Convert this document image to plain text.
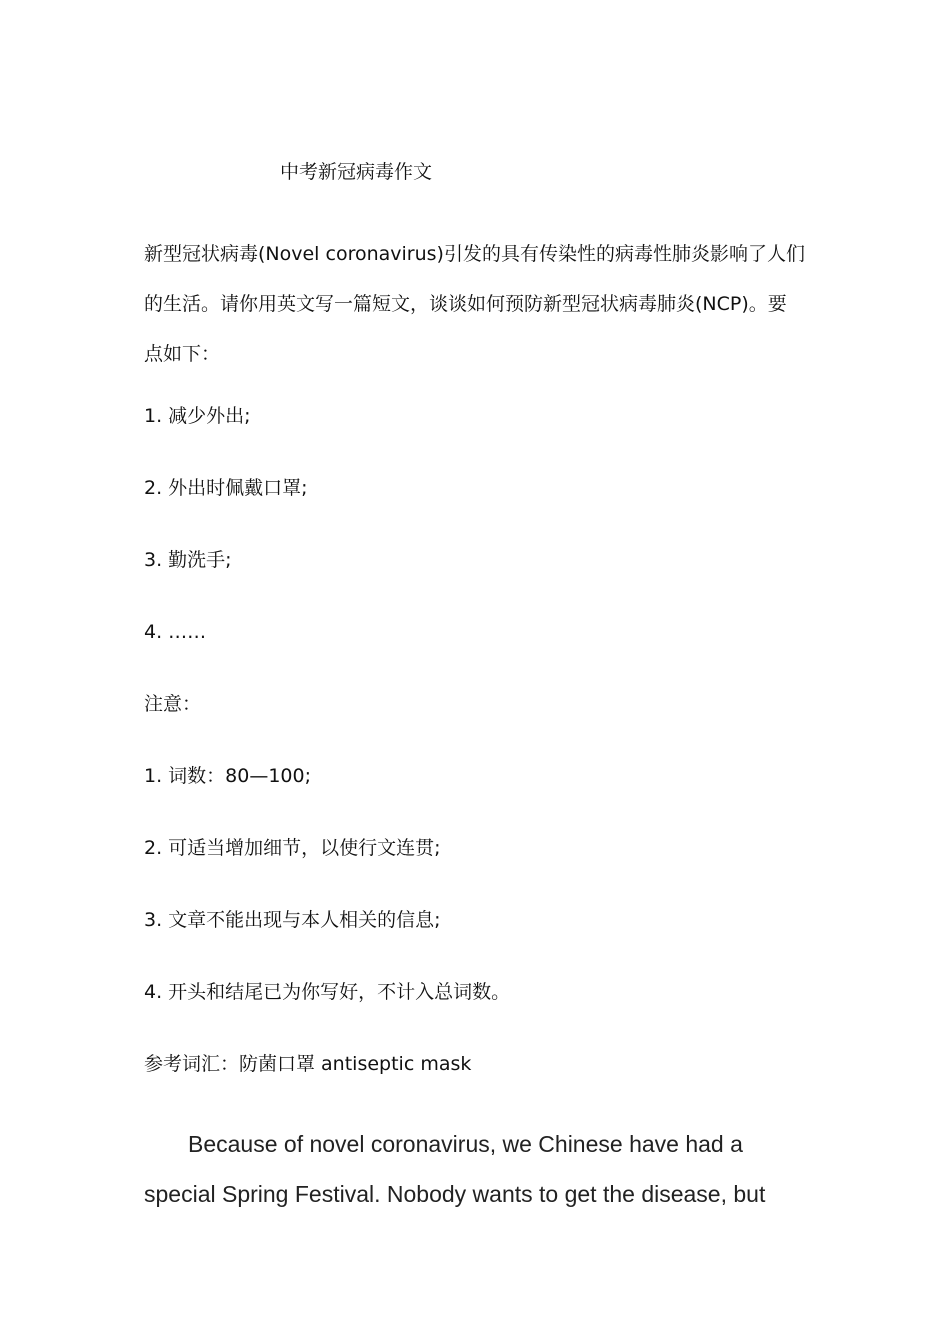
中考新冠病毒作文
新型冠状病毒(Novel coronavirus)引发的具有传染性的病毒性肺炎影响了人们
的生活。请你用英文写一篇短文，谈谈如何预防新型冠状病毒肺炎(NCP)。要
点如下：
1. 减少外出;
2. 外出时佩戴口罩;
3. 勤洗手;
4. ……
注意：
1. 词数：80—100;
2. 可适当增加细节，以使行文连贯;
3. 文章不能出现与本人相关的信息;
4. 开头和结尾已为你写好，不计入总词数。
参考词汇：防菌口罩 antiseptic mask
Because of novel coronavirus, we Chinese have had a
special Spring Festival. Nobody wants to get the disease, but
